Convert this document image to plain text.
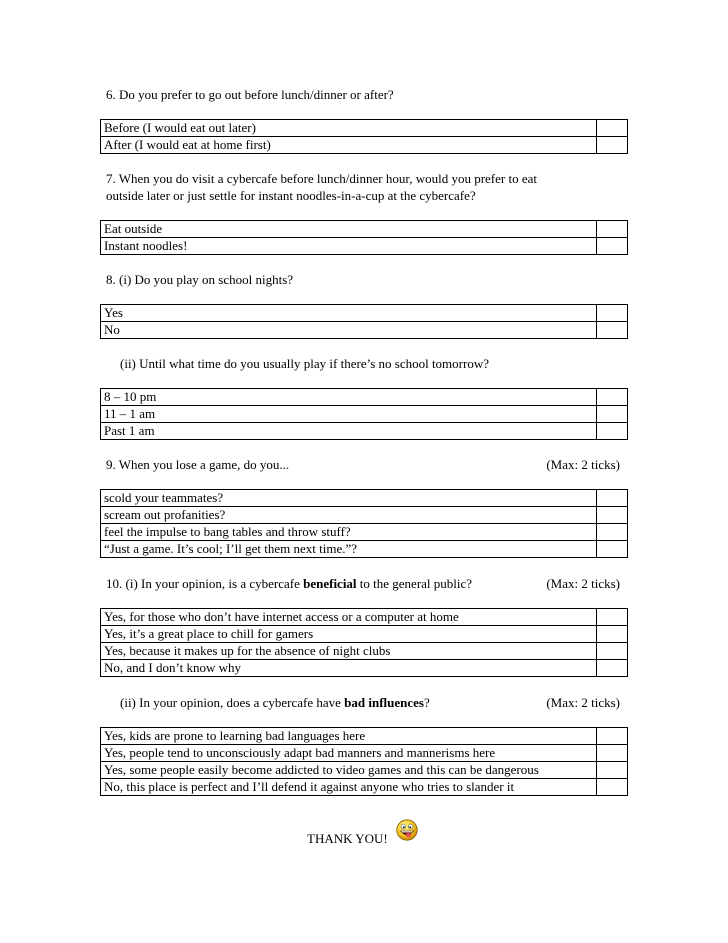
6. Do you prefer to go out before lunch/dinner or after?
Before (I would eat out later)	
After (I would eat at home first)	
7. When you do visit a cybercafe before lunch/dinner hour, would you prefer to eat
outside later or just settle for instant noodles-in-a-cup at the cybercafe?
Eat outside	
Instant noodles!	
8. (i) Do you play on school nights?
Yes	
No	
(ii) Until what time do you usually play if there’s no school tomorrow?
8 – 10 pm	
11 – 1 am	
Past 1 am	
9. When you lose a game, do you...	(Max: 2 ticks)
scold your teammates?	
scream out profanities?	
feel the impulse to bang tables and throw stuff?	
“Just a game. It’s cool; I’ll get them next time.”?	
10. (i) In your opinion, is a cybercafe beneficial to the general public?	(Max: 2 ticks)
Yes, for those who don’t have internet access or a computer at home	
Yes, it’s a great place to chill for gamers	
Yes, because it makes up for the absence of night clubs	
No, and I don’t know why	
(ii) In your opinion, does a cybercafe have bad influences?	(Max: 2 ticks)
Yes, kids are prone to learning bad languages here	
Yes, people tend to unconsciously adapt bad manners and mannerisms here	
Yes, some people easily become addicted to video games and this can be dangerous	
No, this place is perfect and I’ll defend it against anyone who tries to slander it	
THANK YOU!
